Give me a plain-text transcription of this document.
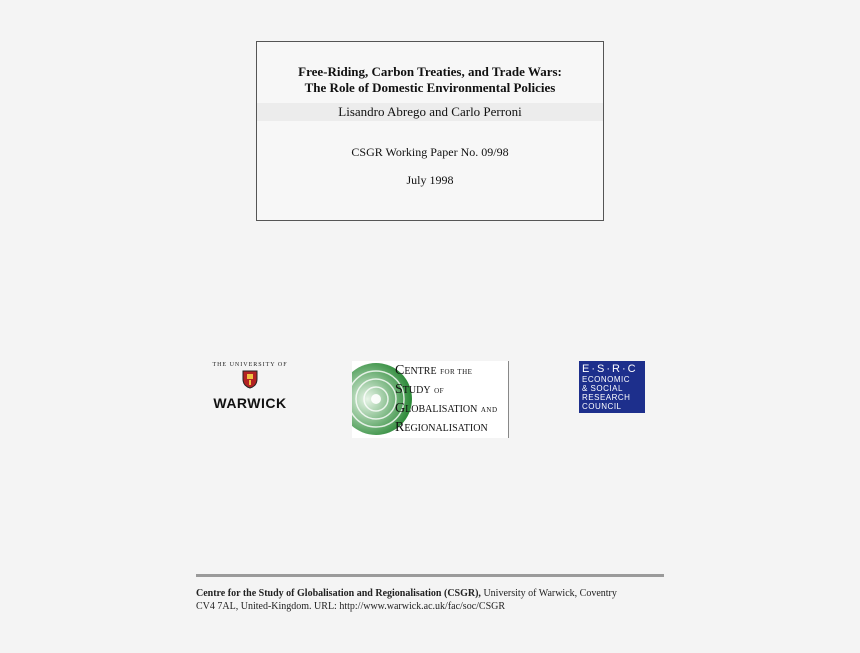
Free-Riding, Carbon Treaties, and Trade Wars:
The Role of Domestic Environmental Policies
Lisandro Abrego and Carlo Perroni
CSGR Working Paper No. 09/98
July 1998
THE UNIVERSITY OF
WARWICK
CENTRE FOR THE
STUDY OF
GLOBALISATION AND
REGIONALISATION
E·S·R·C
ECONOMIC
& SOCIAL
RESEARCH
COUNCIL
Centre for the Study of Globalisation and Regionalisation (CSGR), University of Warwick, Coventry
CV4 7AL, United-Kingdom. URL: http://www.warwick.ac.uk/fac/soc/CSGR
